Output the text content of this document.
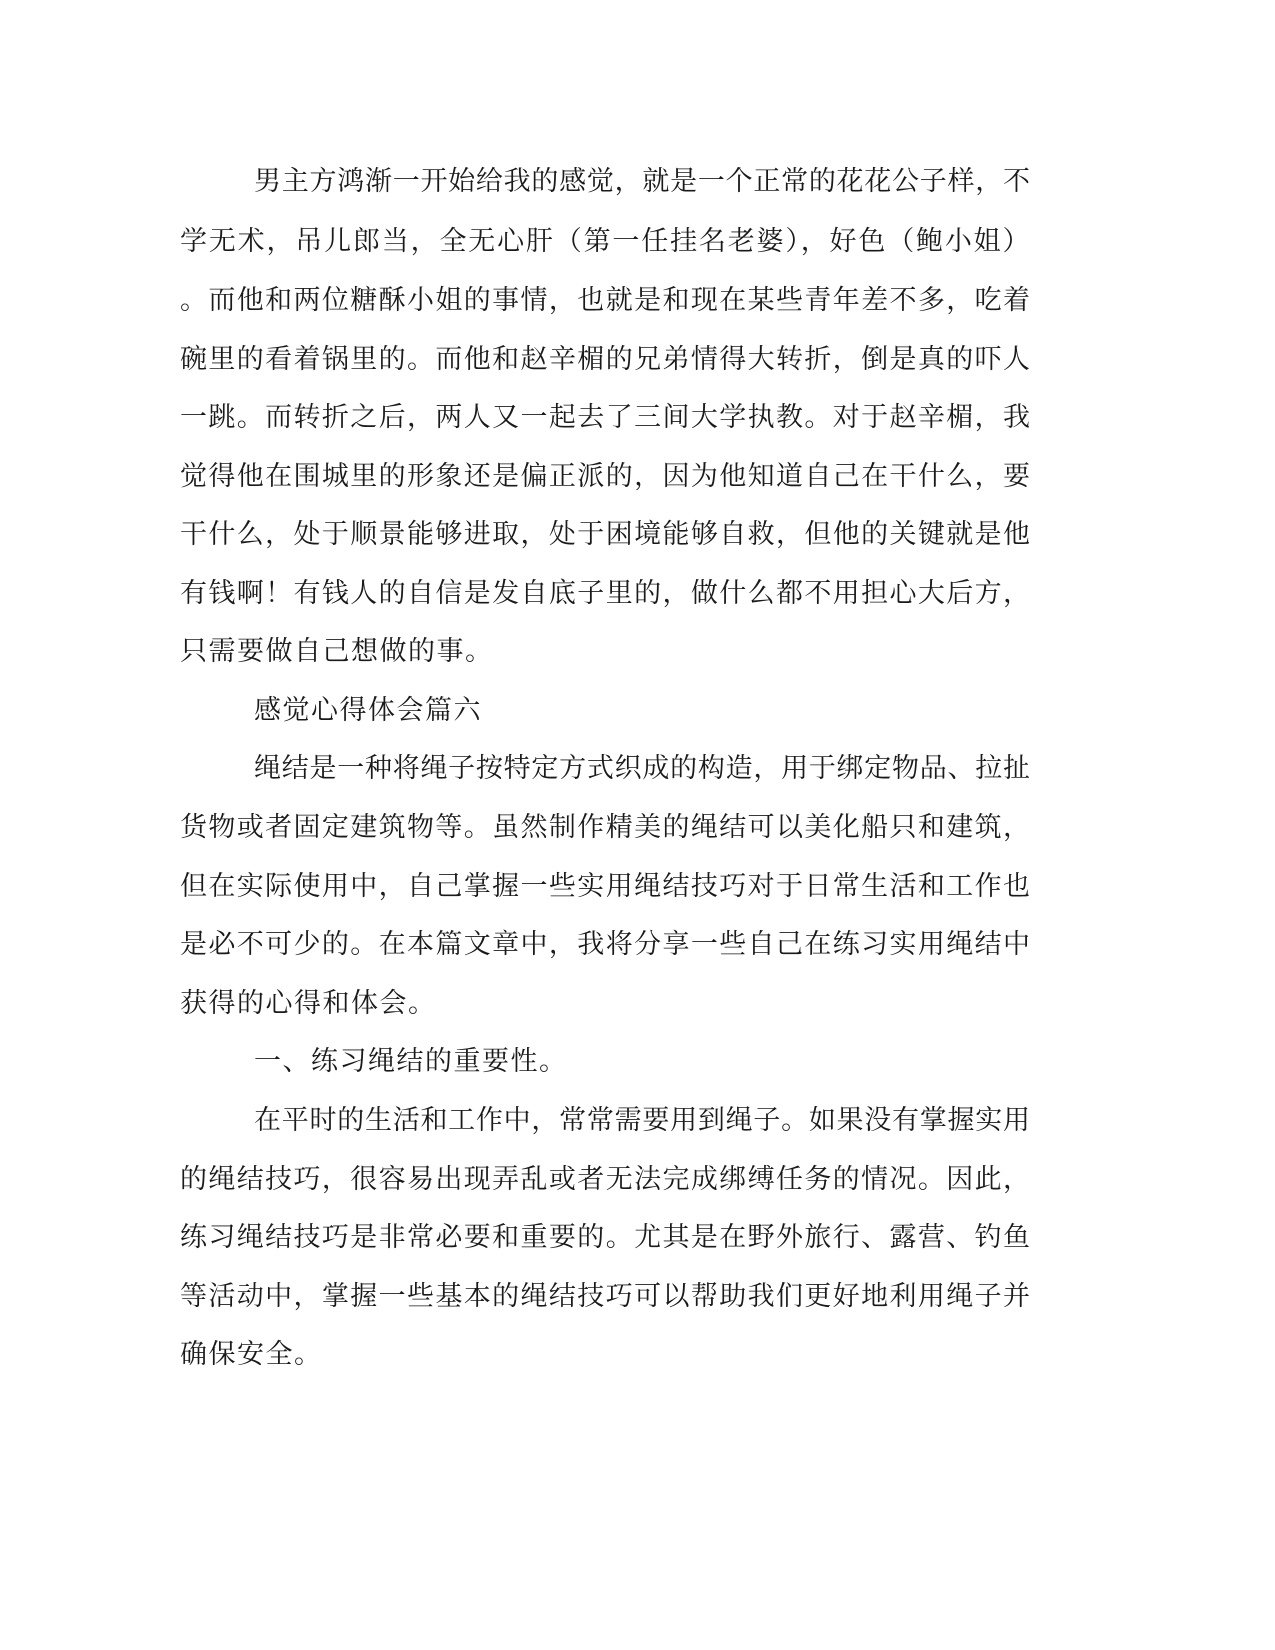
男主方鸿渐一开始给我的感觉，就是一个正常的花花公子样，不

学无术，吊儿郎当，全无心肝（第一任挂名老婆），好色（鲍小姐）

。而他和两位糖酥小姐的事情，也就是和现在某些青年差不多，吃着

碗里的看着锅里的。而他和赵辛楣的兄弟情得大转折，倒是真的吓人

一跳。而转折之后，两人又一起去了三间大学执教。对于赵辛楣，我

觉得他在围城里的形象还是偏正派的，因为他知道自己在干什么，要

干什么，处于顺景能够进取，处于困境能够自救，但他的关键就是他

有钱啊！有钱人的自信是发自底子里的，做什么都不用担心大后方，

只需要做自己想做的事。

感觉心得体会篇六

绳结是一种将绳子按特定方式织成的构造，用于绑定物品、拉扯

货物或者固定建筑物等。虽然制作精美的绳结可以美化船只和建筑，

但在实际使用中，自己掌握一些实用绳结技巧对于日常生活和工作也

是必不可少的。在本篇文章中，我将分享一些自己在练习实用绳结中

获得的心得和体会。

一、练习绳结的重要性。

在平时的生活和工作中，常常需要用到绳子。如果没有掌握实用

的绳结技巧，很容易出现弄乱或者无法完成绑缚任务的情况。因此，

练习绳结技巧是非常必要和重要的。尤其是在野外旅行、露营、钓鱼

等活动中，掌握一些基本的绳结技巧可以帮助我们更好地利用绳子并

确保安全。
